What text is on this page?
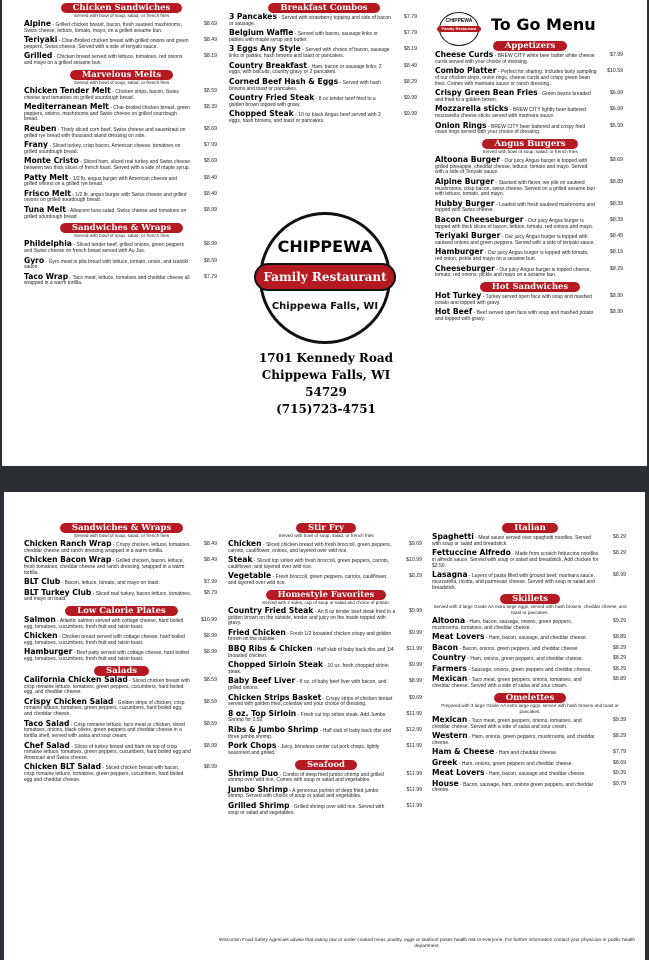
Chicken Sandwiches
Served with bowl of soup, salad, or french fries
Alpine - Grilled chicken breast, bacon, fresh sauteed mushrooms, Swiss cheese, lettuce, tomato, mayo, on a grilled sesame bun.
$8.69
Teriyaki - Char-Broiled chicken breast with grilled onions and green peppers, Swiss cheese. Served with a side of teriyaki sauce.
$8.49
Grilled - Chicken breast served with lettuce, tomatoes, red onions and mayo on a grilled sesame bun.
$8.19
Marvelous Melts
Served with bowl of soup, salad, or french fries
Chicken Tender Melt - Chicken strips, bacon, Swiss cheese and tomatoes on grilled sourdough bread.
$8.59
Mediterranean Melt - Char-broiled chicken breast, green peppers, onions, mushrooms and Swiss cheese on grilled sourdough bread.
$8.39
Reuben - Thinly sliced corn beef, Swiss cheese and sauerkraut on grilled rye bread with thousand island dressing on side.
$8.69
Frany - Sliced turkey, crisp bacon, American cheese, tomatoes on grilled sourdough bread.
$7.99
Monte Cristo - Sliced ham, sliced real turkey and Swiss cheese between two thick slices of french toast. Served with a side of maple syrup.
$8.69
Patty Melt - 1/2 lb. angus burger with American cheese and grilled onions on a grilled rye bread.
$8.49
Frisco Melt - 1/2 lb. angus burger with Swiss cheese and grilled onions on grilled sourdough bread.
$8.49
Tuna Melt - Albacore tuna salad, Swiss cheese and tomatoes on grilled sourdough bread.
$8.99
Sandwiches & Wraps
Served with bowl of soup, salad, or french fries
Phildelphia - Sliced tender beef, grilled onions, green peppers and Swiss cheese on french bread served with Au Jus.
$8.99
Gyro - Gyro meat in pita bread with lettuce, tomato, onion, and tzatziki sauce.
$8.59
Taco Wrap - Taco meat, lettuce, tomatoes and cheddar cheese all wrapped in a warm tortilla.
$7.79
Breakfast Combos
3 Pancakes - Served with strawberry topping and side of bacon or sausage.
$7.79
Belgium Waffle - Served with bacon, sausage links or patties with maple syrup and butter.
$7.79
3 Eggs Any Style - Served with choice of bacon, sausage links or patties, hash browns and toast or pancakes.
$8.19
Country Breakfast - Ham, bacon or sausage links, 2 eggs, with biscuits, country gravy or 2 pancakes.
$8.49
Corned Beef Hash & Eggs - Served with hash browns and toast or pancakes.
$8.29
Country Fried Steak - 8 oz tender beef fried to a golden brown topped with gravy.
$9.99
Chopped Steak - 10 oz black Angus beef served with 2 eggs, hash browns, and toast or pancakes.
$9.99
Appetizers
Cheese Curds - BREW CITY white beer batter white cheese curds served with your choice of dressing.
$7.99
Combo Platter - Perfect for sharing. Includes tasty sampling of our chicken strips, onion rings, cheese curds and crispy green bean fries. Comes with marinara sauce or ranch dressing.
$10.59
Crispy Green Bean Fries - Green beans breaded and fried to a golden brown.
$6.99
Mozzarella sticks - BREW CITY lightly beer battered mozzarella cheese sticks served with marinara sauce.
$6.99
Onion Rings - BREW CITY beer battered and crispy fried onion rings served with your choice of dressing.
$5.99
Angus Burgers
Served with bowl of soup, salad, or french fries
Altoona Burger - Our juicy Angus burger is topped with grilled pineapple, cheddar cheese, lettuce, tomato and mayo. Served with a side of Teriyaki sauce.
$8.69
Alpine Burger - Stacked with flavor, we pile on sauteed mushrooms, crisp bacon, swiss cheese. Served on a grilled sesame bun with lettuce, tomato, and mayo.
$8.89
Hubby Burger - Loaded with fresh sauteed mushrooms and topped with Swiss cheese.
$8.39
Bacon Cheeseburger - Our juicy Angus burger is topped with thick slices of bacon, lettuce, tomato, red onions and mayo.
$8.39
Teriyaki Burger - Our juicy Angus burger is topped with sauteed onions and green peppers. Served with a side of teriyaki sauce.
$8.49
Hamburger - Our juicy Angus burger is topped with tomato, red onion, pickle and mayo on a sesame bun.
$8.19
Cheeseburger - Our juicy Angus burger is topped cheese, tomato, red onions, pickle and mayo on a sesame bun.
$8.29
Hot Sandwiches
Hot Turkey - Turkey served open face with soup and mashed potato and topped with gravy.
$8.99
Hot Beef - Beef served open face with soup and mashed potato and topped with gravy.
$8.99
CHIPPEWA
Family Restaurant To Go Menu
CHIPPEWA
Family Restaurant
Chippewa Falls, WI
1701 Kennedy Road
Chippewa Falls, WI 54729
(715)723-4751
Sandwiches & Wraps
Served with bowl of soup, salad, or french fries
Chicken Ranch Wrap - Crispy chicken, lettuce, tomatoes, cheddar cheese and ranch dressing wrapped in a warm tortilla.
$8.49
Chicken Bacon Wrap - Grilled chicken, bacon, lettuce, fresh tomatoes, cheddar cheese and ranch dressing, wrapped in a warm tortilla.
$8.49
BLT Club - Bacon, lettuce, tomato, and mayo on toast.	$7.99
BLT Turkey Club - Sliced real turkey, bacon lettuce, tomatoes, and mayo on toast.
$8.79
Low Calorie Plates
Salmon - Atlantic salmon served with cottage cheese, hard boiled egg, tomatoes, cucumbers, fresh fruit and raisin toast.
$10.99
Chicken - Chicken breast served with cottage cheese, hard boiled egg, tomatoes, cucumbers, fresh fruit and raisin toast.
$8.99
Hamburger - Beef patty served with cottage cheese, hard boiled egg, tomatoes, cucumbers, fresh fruit and raisin toast.
$8.99
Salads
California Chicken Salad - Sliced chicken breast with crisp romaine lettuce, tomatoes, green peppers, cucumbers, hard boiled egg, and cheddar cheese.
$8.59
Crispy Chicken Salad - Golden strips of chicken, crisp romaine lettuce, tomatoes, green peppers, cucumbers, hard boiled egg, and cheddar cheese.
$8.59
Taco Salad - Crisp romaine lettuce, taco meat or chicken, diced tomatoes, onions, black olives, green peppers and cheddar cheese in a tortilla shell, served with salsa and sour cream.
$8.59
Chef Salad - Slices of turkey breast and ham on top of crisp romaine lettuce, tomatoes, green peppers, cucumbers, hard boiled egg and American and Swiss cheese.
$8.99
Chicken BLT Salad - Sliced chicken breast with bacon, crisp romaine lettuce, tomatoes, green peppers, cucumbers, hard boiled egg and cheddar cheese.
$8.99
Stir Fry
Served with bowl of soup, salad, or french fries
Chicken - Sliced chicken breast with fresh broccoli, green peppers, carrots, cauliflower, onions, and layered over wild rice.
$9.69
Steak - Sliced top sirloin with fresh broccoli, green peppers, carrots, cauliflower, and layered over wild rice.
$10.99
Vegetable - Fresh broccoli, green peppers, carrots, cauliflower, and layered over wild rice.
$8.29
Homestyle Favorites
Served with 2 sides, cup of soup or salad and choice of potato.
Country Fried Steak - An 8 oz tender beef steak fried to a golden brown on the outside, tender and juicy on the inside topped with gravy.
$9.99
Fried Chicken - Fresh 1/2 broasted chicken crispy and golden brown on the outside.
$9.99
BBQ Ribs & Chicken - Half slab of baby back ribs and 1/4 broasted chicken.
$11.99
Chopped Sirloin Steak - 10 oz. fresh chopped sirloin steak.
$9.99
Baby Beef Liver - 8 oz. of baby beef liver with bacon, and grilled onions.
$8.99
Chicken Strips Basket - Crispy strips of chicken breast served with golden fries, coleslaw and your choice of dressing.
$9.69
8 oz. Top Sirloin - Fresh cut top sirloin steak. Add Jumbo Shrimp for 2.59.
$11.99
Ribs & Jumbo Shrimp - Half slab of baby back ribs and three jumbo shrimp.
$12.99
Pork Chops - Juicy, boneless center cut pork chops, lightly seasoned and grilled.
$11.99
Seafood
Shrimp Duo - Combo of deep fried jumbo shrimp and grilled shrimp over wild rice. Comes with soup or salad and vegetables.
$11.99
Jumbo Shrimp - A generous portion of deep fried jumbo shrimp. Served with choice of soup or salad and vegetables.
$11.99
Grilled Shrimp - Grilled shrimp over wild rice. Served with soup or salad and vegetables.
$11.99
Italian
Spaghetti - Meat sauce served over spaghetti noodles. Served with soup or salad and breadstick.
$8.29
Fettuccine Alfredo - Made from scratch fettuccine noodles in alfredo sauce. Served with soup or salad and breadstick. Add chicken for $2.50.
$8.29
Lasagna - Layers of pasta filled with ground beef, marinara sauce, mozzarella, ricotta, and parmesan cheese. Served with soup or salad and breadstick.
$8.99
Skillets
Served with 3 large Grade AA extra large eggs, served with hash browns, cheddar cheese, and toast or pancakes.
Altoona - Ham, bacon, sausage, onions, green peppers, mushrooms, tomatoes, and cheddar cheese.
$9.29
Meat Lovers - Ham, bacon, sausage, and cheddar cheese.	$8.89
Bacon - Bacon, onions, green peppers, and cheddar cheese.	$8.29
Country - Ham, onions, green peppers, and cheddar cheese.	$8.29
Farmers - Sausage, onions, green peppers and cheddar cheese.	$8.29
Mexican - Taco meat, green peppers, onions, tomatoes, and cheddar cheese. Served with a side of salsa and sour cream.
$8.89
Omelettes
Prepared with 3 large Grade AA extra large eggs, served with hash browns and toast or pancakes.
Mexican - Taco meat, green peppers, onions, tomatoes, and cheddar cheese. Served with a side of salsa and sour cream.
$9.39
Western - Ham, onions, green peppers, mushrooms, and cheddar cheese.
$8.29
Ham & Cheese - Ham and cheddar cheese.	$7.79
Greek - Ham, onions, green peppers and cheddar cheese.	$8.69
Meat Lovers - Ham, bacon, sausage and cheddar cheese.	$9.39
House - Bacon, sausage, ham, onions green peppers, and cheddar cheese.
$9.79
Wisconsin Food Safety Agencies advise that eating raw or under cooked meat, poultry, eggs or seafood poses health risk to everyone. For further information contact your physician or public health department.
